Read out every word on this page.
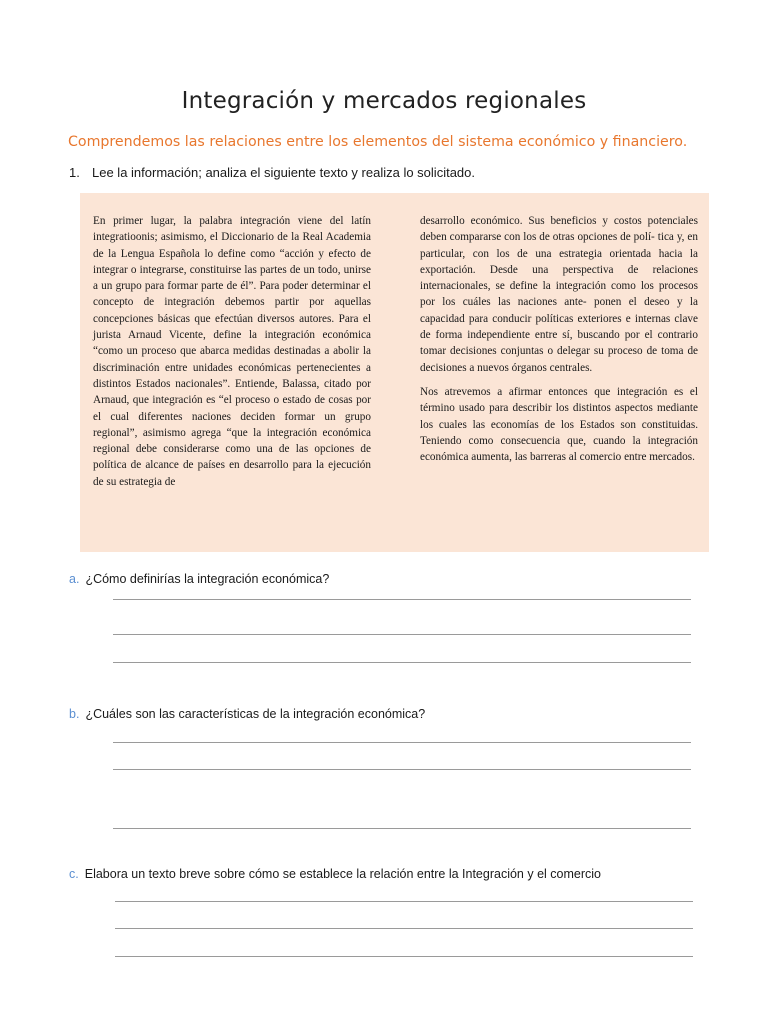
Integración y mercados regionales
Comprendemos las relaciones entre los elementos del sistema económico y financiero.
1. Lee la información; analiza el siguiente texto y realiza lo solicitado.

En primer lugar, la palabra integración viene del latín integratioonis; asimismo, el Diccionario de la Real Academia de la Lengua Española lo define como “acción y efecto de integrar o integrarse, constituirse las partes de un todo, unirse a un grupo para formar parte de él”. Para poder determinar el concepto de integración debemos partir por aquellas concepciones básicas que efectúan diversos autores. Para el jurista Arnaud Vicente, define la integración económica “como un proceso que abarca medidas destinadas a abolir la discriminación entre unidades económicas pertenecientes a distintos Estados nacionales”. Entiende, Balassa, citado por Arnaud, que integración es “el proceso o estado de cosas por el cual diferentes naciones deciden formar un grupo regional”, asimismo agrega “que la integración económica regional debe considerarse como una de las opciones de política de alcance de países en desarrollo para la ejecución de su estrategia de

desarrollo económico. Sus beneficios y costos potenciales deben compararse con los de otras opciones de polí- tica y, en particular, con los de una estrategia orientada hacia la exportación. Desde una perspectiva de relaciones internacionales, se define la integración como los procesos por los cuáles las naciones ante- ponen el deseo y la capacidad para conducir políticas exteriores e internas clave de forma independiente entre sí, buscando por el contrario tomar decisiones conjuntas o delegar su proceso de toma de decisiones a nuevos órganos centrales.

Nos atrevemos a afirmar entonces que integración es el término usado para describir los distintos aspectos mediante los cuales las economías de los Estados son constituidas. Teniendo como consecuencia que, cuando la integración económica aumenta, las barreras al comercio entre mercados.

a. ¿Cómo definirías la integración económica?
b. ¿Cuáles son las características de la integración económica?
c. Elabora un texto breve sobre cómo se establece la relación entre la Integración y el comercio
